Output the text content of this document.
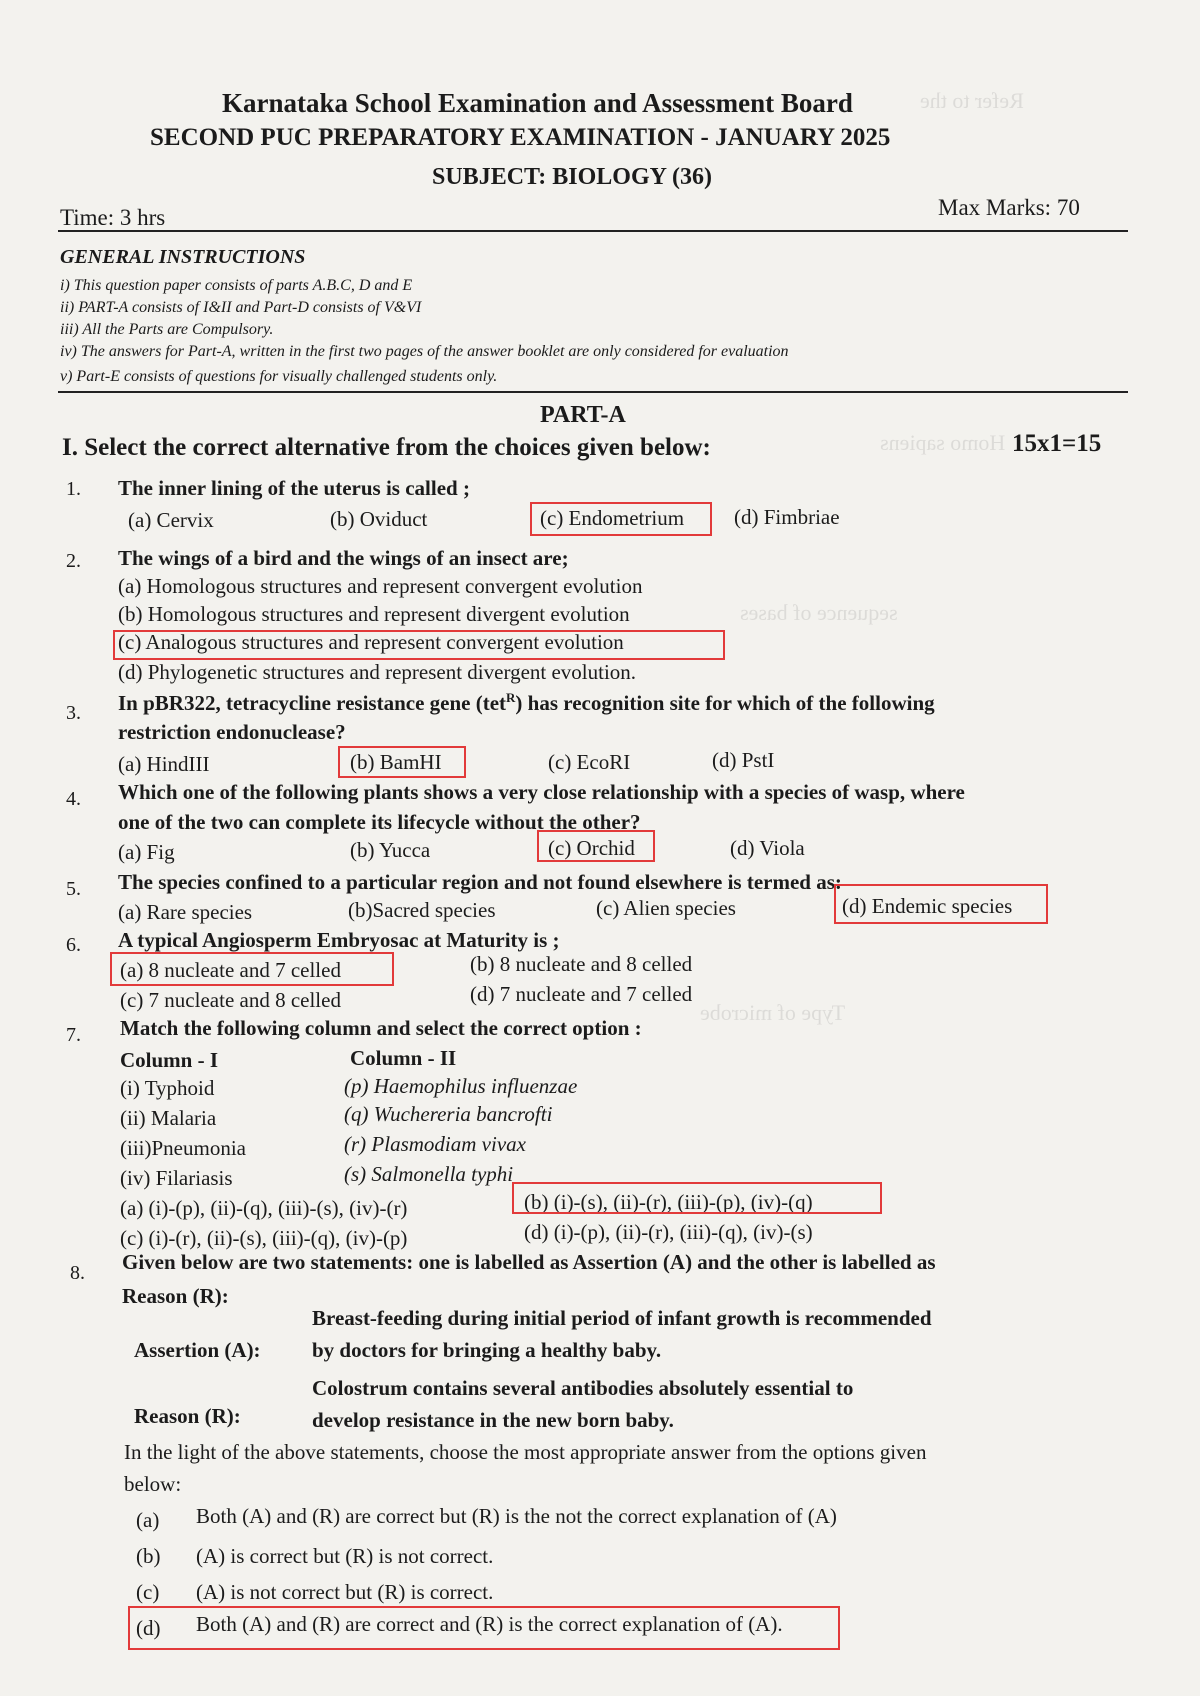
Refer to the
Homo sapiens
sequence of bases
Type of microbe
Karnataka School Examination and Assessment Board
SECOND PUC PREPARATORY EXAMINATION - JANUARY 2025
SUBJECT: BIOLOGY (36)
Time: 3 hrs	Max Marks: 70
GENERAL INSTRUCTIONS
i) This question paper consists of parts A.B.C, D and E
ii) PART-A consists of I&II and Part-D consists of V&VI
iii) All the Parts are Compulsory.
iv) The answers for Part-A, written in the first two pages of the answer booklet are only considered for evaluation
v) Part-E consists of questions for visually challenged students only.
PART-A
I. Select the correct alternative from the choices given below:	15x1=15
1. The inner lining of the uterus is called ;
(a) Cervix	(b) Oviduct	(c) Endometrium (d) Fimbriae
2. The wings of a bird and the wings of an insect are;
(a) Homologous structures and represent convergent evolution
(b) Homologous structures and represent divergent evolution
(c) Analogous structures and represent convergent evolution
(d) Phylogenetic structures and represent divergent evolution.
3. In pBR322, tetracycline resistance gene (tet$^R$) has recognition site for which of the following
restriction endonuclease?
(a) HindIII	(b) BamHI	(c) EcoRI	(d) PstI
4. Which one of the following plants shows a very close relationship with a species of wasp, where
one of the two can complete its lifecycle without the other?
(a) Fig	(b) Yucca	(c) Orchid	(d) Viola
5. The species confined to a particular region and not found elsewhere is termed as:
(a) Rare species	(b)Sacred species	(c) Alien species	(d) Endemic species
6. A typical Angiosperm Embryosac at Maturity is ;
(a) 8 nucleate and 7 celled	(b) 8 nucleate and 8 celled
(c) 7 nucleate and 8 celled	(d) 7 nucleate and 7 celled
7. Match the following column and select the correct option :
Column - I	Column - II
(i) Typhoid	(p) Haemophilus influenzae
(ii) Malaria	(q) Wuchereria bancrofti
(iii)Pneumonia	(r) Plasmodiam vivax
(iv) Filariasis	(s) Salmonella typhi
(a) (i)-(p), (ii)-(q), (iii)-(s), (iv)-(r)	(b) (i)-(s), (ii)-(r), (iii)-(p), (iv)-(q)
(c) (i)-(r), (ii)-(s), (iii)-(q), (iv)-(p)	(d) (i)-(p), (ii)-(r), (iii)-(q), (iv)-(s)
8. Given below are two statements: one is labelled as Assertion (A) and the other is labelled as
Reason (R):
Assertion (A):
Breast-feeding during initial period of infant growth is recommended
by doctors for bringing a healthy baby.
Reason (R):
Colostrum contains several antibodies absolutely essential to
develop resistance in the new born baby.
In the light of the above statements, choose the most appropriate answer from the options given
below:
(a) Both (A) and (R) are correct but (R) is the not the correct explanation of (A)
(b) (A) is correct but (R) is not correct.
(c) (A) is not correct but (R) is correct.
(d) Both (A) and (R) are correct and (R) is the correct explanation of (A).
